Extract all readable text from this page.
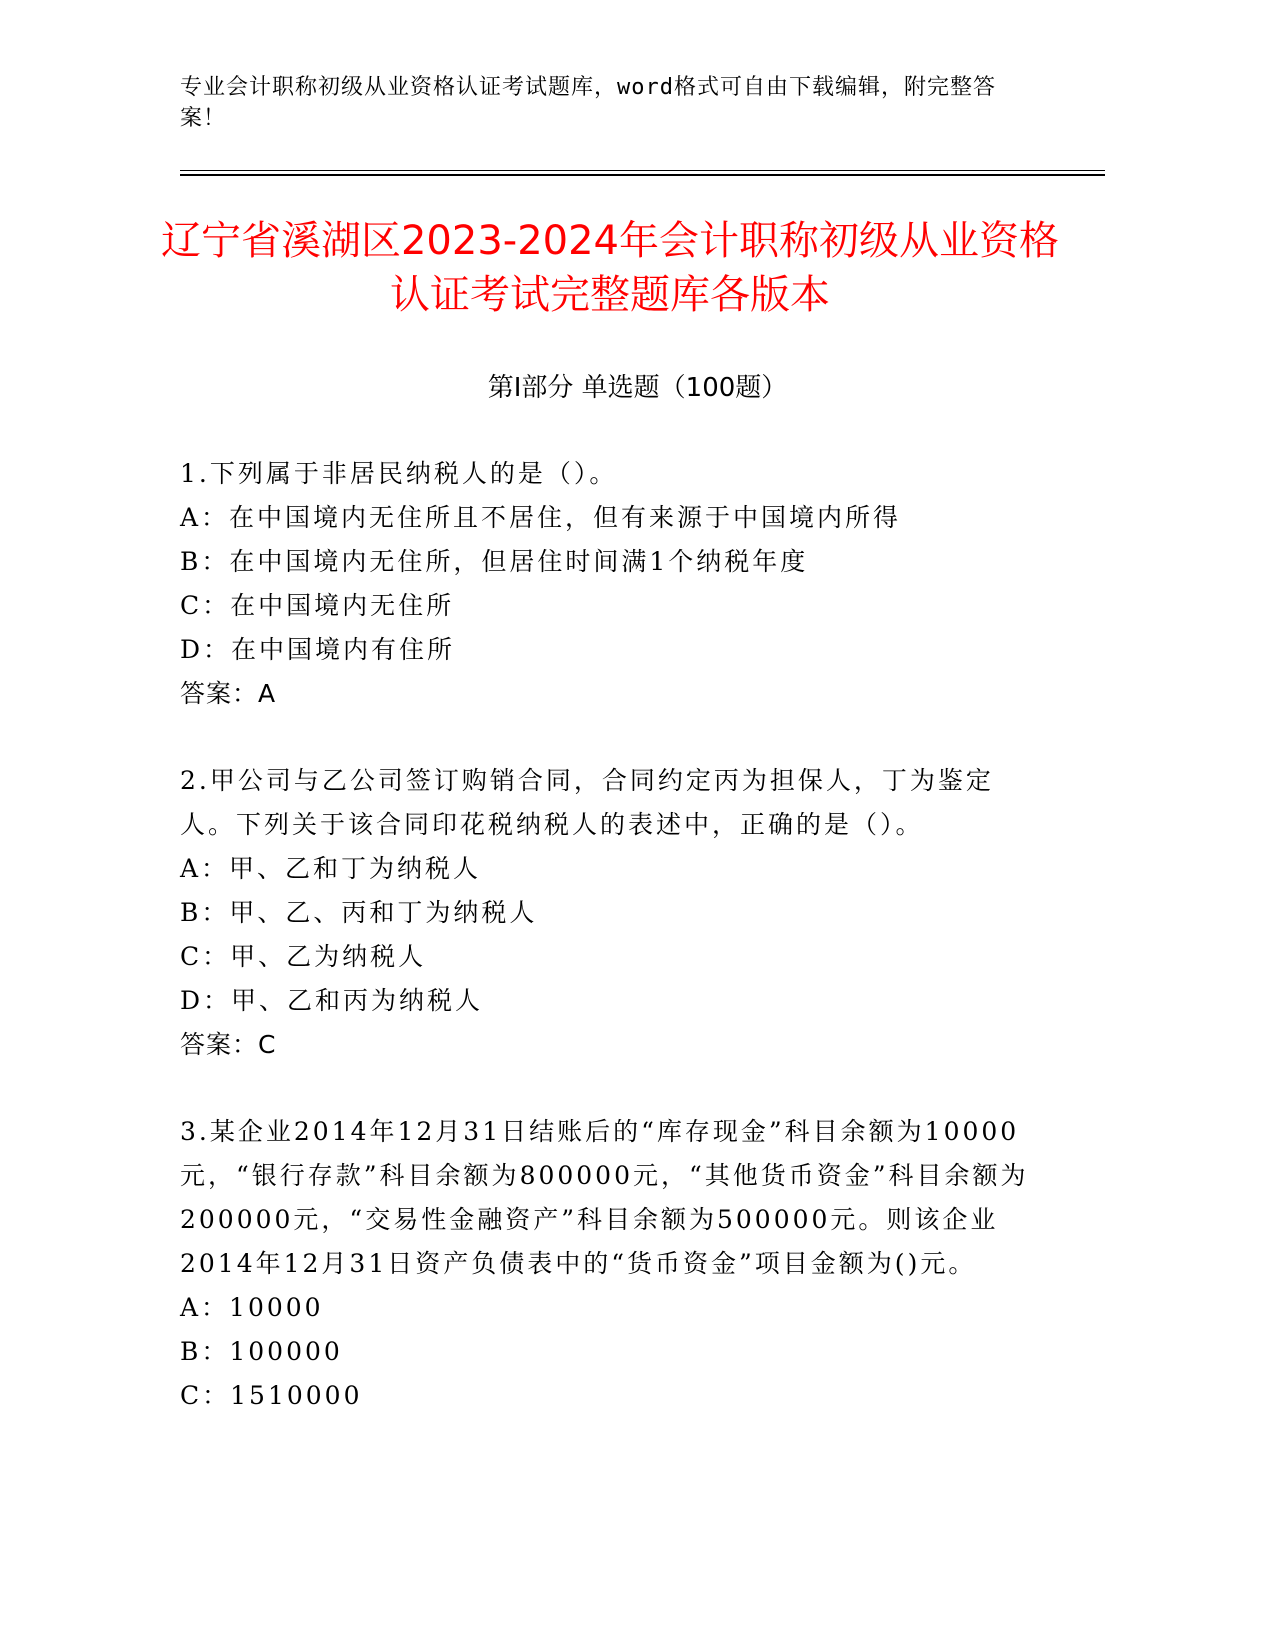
专业会计职称初级从业资格认证考试题库，word格式可自由下载编辑，附完整答案！
辽宁省溪湖区2023-2024年会计职称初级从业资格认证考试完整题库各版本
第Ⅰ部分 单选题（100题）
1.下列属于非居民纳税人的是（）。
A：在中国境内无住所且不居住，但有来源于中国境内所得
B：在中国境内无住所，但居住时间满1个纳税年度
C：在中国境内无住所
D：在中国境内有住所
答案：A
2.甲公司与乙公司签订购销合同，合同约定丙为担保人，丁为鉴定人。下列关于该合同印花税纳税人的表述中，正确的是（）。
A：甲、乙和丁为纳税人
B：甲、乙、丙和丁为纳税人
C：甲、乙为纳税人
D：甲、乙和丙为纳税人
答案：C
3.某企业2014年12月31日结账后的“库存现金”科目余额为10000元，“银行存款”科目余额为800000元，“其他货币资金”科目余额为200000元，“交易性金融资产”科目余额为500000元。则该企业2014年12月31日资产负债表中的“货币资金”项目金额为()元。
A：10000
B：100000
C：1510000
